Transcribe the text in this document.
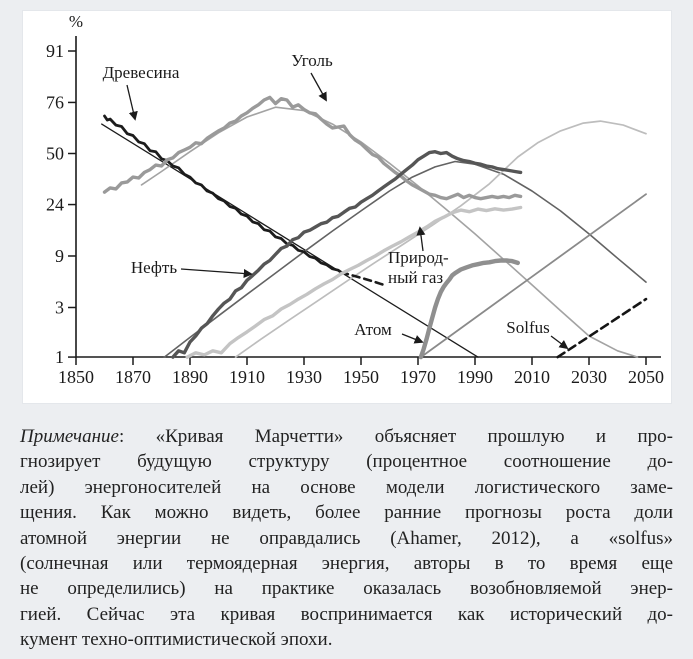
91
76
50
24
9
3
1
1850 1870 1890 1910 1930 1950 1970 1990 2010 2030 2050
%
Древесина
Уголь
Нефть
Природ-
ный газ
Атом	Solfus
Примечание: «Кривая Марчетти» объясняет прошлую и про-
гнозирует будущую структуру (процентное соотношение до-
лей) энергоносителей на основе модели логистического заме-
щения. Как можно видеть, более ранние прогнозы роста доли
атомной энергии не оправдались (Ahamer, 2012), а «solfus»
(солнечная или термоядерная энергия, авторы в то время еще
не определились) на практике оказалась возобновляемой энер-
гией. Сейчас эта кривая воспринимается как исторический до-
кумент техно-оптимистической эпохи.
